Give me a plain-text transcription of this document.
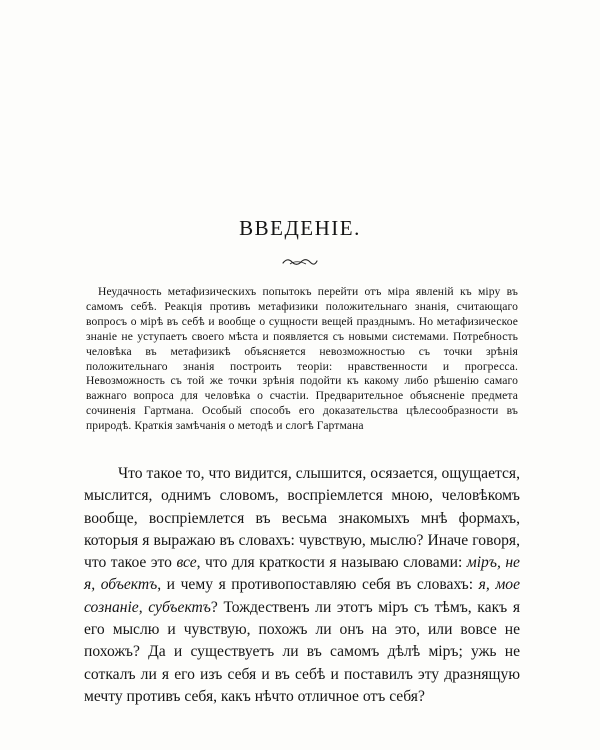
ВВЕДЕНІЕ.

Неудачность метафизическихъ попытокъ перейти отъ міра явленій къ міру въ самомъ себѣ. Реакція противъ метафизики положительнаго знанія, считающаго вопросъ о мірѣ въ себѣ и вообще о сущности вещей празднымъ. Но метафизическое знаніе не уступаетъ своего мѣста и появляется съ новыми системами. Потребность человѣка въ метафизикѣ объясняется невозможностью съ точки зрѣнія положительнаго знанія построить теоріи: нравственности и прогресса. Невозможность съ той же точки зрѣнія подойти къ какому либо рѣшенію самаго важнаго вопроса для человѣка о счастіи. Предварительное объясненіе предмета сочиненія Гартмана. Особый способъ его доказательства цѣлесообразности въ природѣ. Краткія замѣчанія о методѣ и слогѣ Гартмана

Что такое то, что видится, слышится, осязается, ощущается, мыслится, однимъ словомъ, воспріемлется мною, человѣкомъ вообще, воспріемлется въ весьма знакомыхъ мнѣ формахъ, которыя я выражаю въ словахъ: чувствую, мыслю? Иначе говоря, что такое это все, что для краткости я называю словами: міръ, не я, объектъ, и чему я противопоставляю себя въ словахъ: я, мое сознаніе, субъектъ? Тождественъ ли этотъ міръ съ тѣмъ, какъ я его мыслю и чувствую, похожъ ли онъ на это, или вовсе не похожъ? Да и существуетъ ли въ самомъ дѣлѣ міръ; ужь не соткалъ ли я его изъ себя и въ себѣ и поставилъ эту дразнящую мечту противъ себя, какъ нѣчто отличное отъ себя?
